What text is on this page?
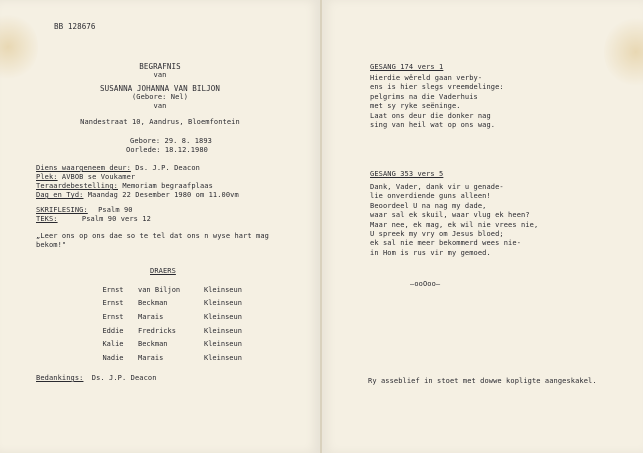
BB 128676
BEGRAFNIS
van
SUSANNA JOHANNA VAN BILJON
(Gebore: Nel)
van
Nandestraat 10, Aandrus, Bloemfontein
Gebore: 29. 8. 1893
Oorlede: 18.12.1980
Diens waargeneem deur: Ds. J.P. Deacon
Plek: AVBOB se Voukamer
Teraardebestelling: Memoriam begraafplaas
Dag en Tyd: Maandag 22 Desember 1980 om 11.00vm
SKRIFLESING: Psalm 90
TEKS:	Psalm 90 vers 12
„Leer ons op ons dae so te tel dat ons n wyse hart mag
bekom!"
DRAERS
Ernst	van Biljon	Kleinseun
Ernst	Beckman	Kleinseun
Ernst	Marais	Kleinseun
Eddie	Fredricks	Kleinseun
Kalie	Beckman	Kleinseun
Nadie	Marais	Kleinseun
Bedankings: Ds. J.P. Deacon
GESANG 174 vers 1
Hierdie wêreld gaan verby-
ens is hier slegs vreemdelinge:
pelgrims na die Vaderhuis
met sy ryke seëninge.
Laat ons deur die donker nag
sing van heil wat op ons wag.
GESANG 353 vers 5
Dank, Vader, dank vir u genade-
lie onverdiende guns alleen!
Beoordeel U na nag my dade,
waar sal ek skuil, waar vlug ek heen?
Maar nee, ek mag, ek wil nie vrees nie,
U spreek my vry om Jesus bloed;
ek sal nie meer bekommerd wees nie-
in Hom is rus vir my gemoed.
—ooOoo—
Ry asseblief in stoet met dowwe kopligte aangeskakel.
